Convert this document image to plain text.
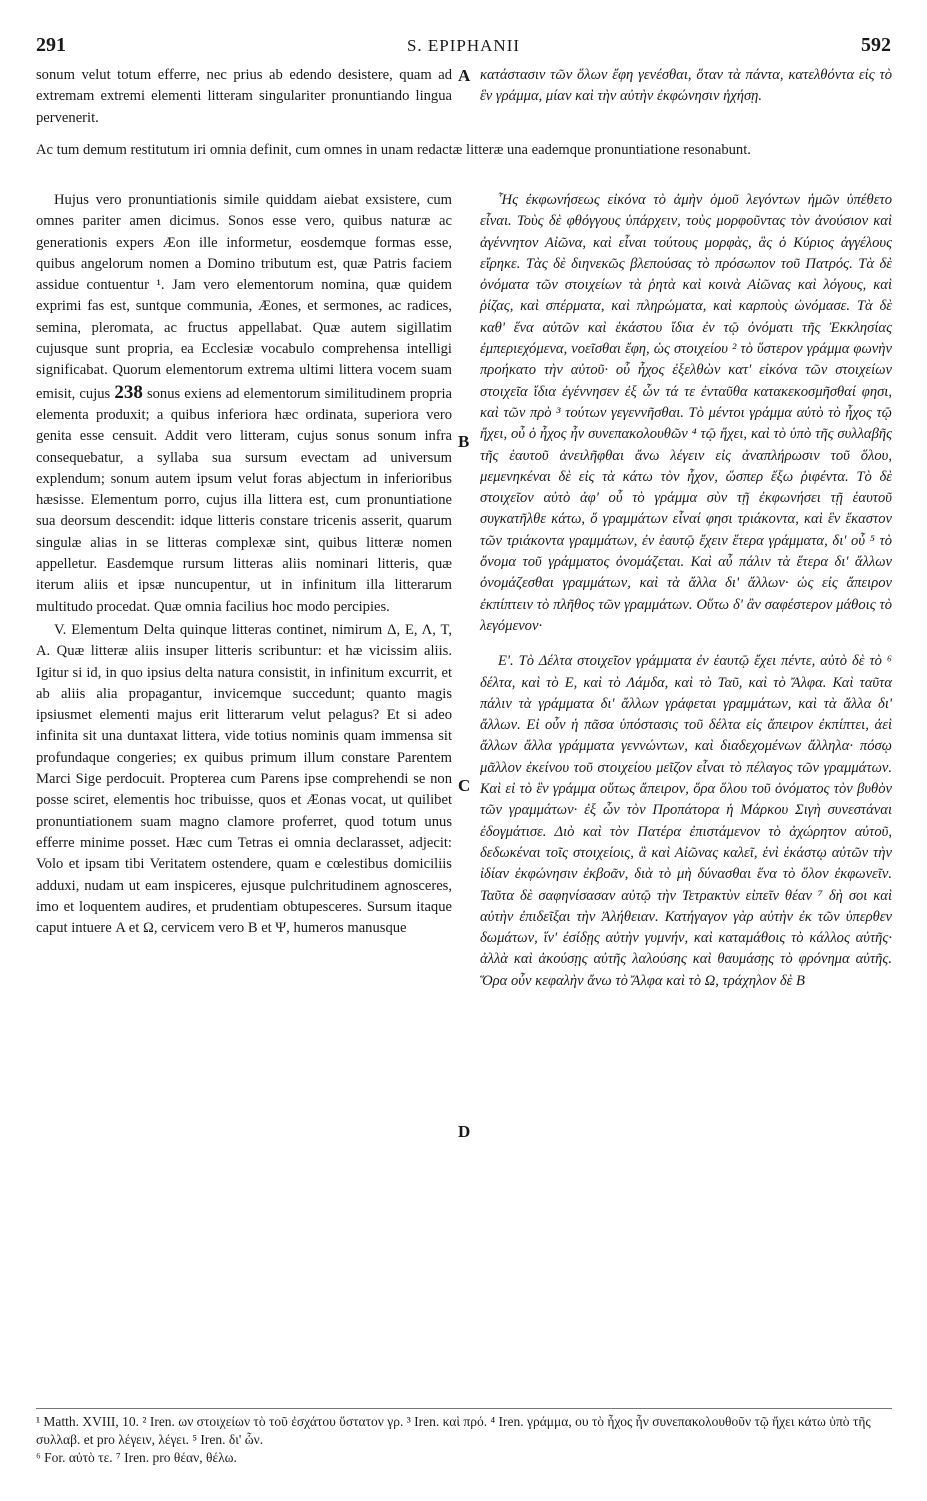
291	S. EPIPHANII	592

sonum velut totum efferre, nec prius ab edendo desistere, quam ad extremam extremi elementi litteram singulariter pronuntiando lingua pervenerit.

κατάστασιν τῶν ὅλων ἔφη γενέσθαι, ὅταν τὰ πάντα, κατελθόντα εἰς τὸ ἓν γράμμα, μίαν καὶ τὴν αὐτὴν ἐκφώνησιν ἠχήσῃ.

Ac tum demum restitutum iri omnia definit, cum omnes in unam redactæ litteræ una eademque pronuntiatione resonabunt.

Hujus vero pronuntiationis simile quiddam aiebat exsistere, cum omnes pariter amen dicimus. Sonos esse vero, quibus naturæ ac generationis expers Æon ille informetur, eosdemque formas esse, quibus angelorum nomen a Domino tributum est, quæ Patris faciem assidue contuentur ¹. Jam vero elementorum nomina, quæ quidem exprimi fas est, suntque communia, Æones, et sermones, ac radices, semina, pleromata, ac fructus appellabat. Quæ autem sigillatim cujusque sunt propria, ea Ecclesiæ vocabulo comprehensa intelligi significabat. Quorum elementorum extrema ultimi littera vocem suam emisit, cujus 238 sonus exiens ad elementorum similitudinem propria elementa produxit; a quibus inferiora hæc ordinata, superiora vero genita esse censuit. Addit vero litteram, cujus sonus sonum infra consequebatur, a syllaba sua sursum evectam ad universum explendum; sonum autem ipsum velut foras abjectum in inferioribus hæsisse. Elementum porro, cujus illa littera est, cum pronuntiatione sua deorsum descendit: idque litteris constare tricenis asserit, quarum singulæ alias in se litteras complexæ sint, quibus litteræ nomen appelletur. Easdemque rursum litteras aliis nominari litteris, quæ iterum aliis et ipsæ nuncupentur, ut in infinitum illa litterarum multitudo procedat. Quæ omnia facilius hoc modo percipies.

V. Elementum Delta quinque litteras continet, nimirum Δ, Ε, Λ, Τ, Α. Quæ litteræ aliis insuper litteris scribuntur: et hæ vicissim aliis. Igitur si id, in quo ipsius delta natura consistit, in infinitum excurrit, et ab aliis alia propagantur, invicemque succedunt; quanto magis ipsiusmet elementi majus erit litterarum velut pelagus? Et si adeo infinita sit una duntaxat littera, vide totius nominis quam immensa sit profundaque congeries; ex quibus primum illum constare Parentem Marci Sige perdocuit. Propterea cum Parens ipse comprehendi se non posse sciret, elementis hoc tribuisse, quos et Æonas vocat, ut quilibet pronuntiationem suam magno clamore proferret, quod totum unus efferre minime posset. Hæc cum Tetras ei omnia declarasset, adjecit: Volo et ipsam tibi Veritatem ostendere, quam e cœlestibus domiciliis adduxi, nudam ut eam inspiceres, ejusque pulchritudinem agnosceres, imo et loquentem audires, et prudentiam obtupesceres. Sursum itaque caput intuere Α et Ω, cervicem vero Β et Ψ, humeros manusque

Ἧς ἐκφωνήσεως εἰκόνα τὸ ἀμὴν ὁμοῦ λεγόντων ἡμῶν ὑπέθετο εἶναι. Τοὺς δὲ φθόγγους ὑπάρχειν, τοὺς μορφοῦντας τὸν ἀνούσιον καὶ ἀγέννητον Αἰῶνα, καὶ εἶναι τούτους μορφὰς, ἃς ὁ Κύριος ἀγγέλους εἴρηκε. Τὰς δὲ διηνεκῶς βλεπούσας τὸ πρόσωπον τοῦ Πατρός. Τὰ δὲ ὀνόματα τῶν στοιχείων τὰ ῥητὰ καὶ κοινὰ Αἰῶνας καὶ λόγους, καὶ ῥίζας, καὶ σπέρματα, καὶ πληρώματα, καὶ καρποὺς ὠνόμασε. Τὰ δὲ καθ' ἕνα αὐτῶν καὶ ἑκάστου ἴδια ἐν τῷ ὀνόματι τῆς Ἐκκλησίας ἐμπεριεχόμενα, νοεῖσθαι ἔφη, ὡς στοιχείου ² τὸ ὕστερον γράμμα φωνὴν προήκατο τὴν αὐτοῦ· οὗ ἦχος ἐξελθὼν κατ' εἰκόνα τῶν στοιχείων στοιχεῖα ἴδια ἐγέννησεν ἐξ ὧν τά τε ἐνταῦθα κατακεκοσμῆσθαί φησι, καὶ τῶν πρὸ ³ τούτων γεγεννῆσθαι. Τὸ μέντοι γράμμα αὐτὸ τὸ ἦχος τῷ ἤχει, οὗ ὁ ἦχος ἦν συνεπακολουθῶν ⁴ τῷ ἤχει, καὶ τὸ ὑπὸ τῆς συλλαβῆς τῆς ἑαυτοῦ ἀνειλῆφθαι ἄνω λέγειν εἰς ἀναπλήρωσιν τοῦ ὅλου, μεμενηκέναι δὲ εἰς τὰ κάτω τὸν ἦχον, ὥσπερ ἔξω ῥιφέντα. Τὸ δὲ στοιχεῖον αὐτὸ ἀφ' οὗ τὸ γράμμα σὺν τῇ ἐκφωνήσει τῇ ἑαυτοῦ συγκατῆλθε κάτω, ὅ γραμμάτων εἶναί φησι τριάκοντα, καὶ ἓν ἕκαστον τῶν τριάκοντα γραμμάτων, ἐν ἑαυτῷ ἔχειν ἕτερα γράμματα, δι' οὗ ⁵ τὸ ὄνομα τοῦ γράμματος ὀνομάζεται. Καὶ αὖ πάλιν τὰ ἕτερα δι' ἄλλων ὀνομάζεσθαι γραμμάτων, καὶ τὰ ἄλλα δι' ἄλλων· ὡς εἰς ἄπειρον ἐκπίπτειν τὸ πλῆθος τῶν γραμμάτων. Οὕτω δ' ἂν σαφέστερον μάθοις τὸ λεγόμενον·

Ε'. Τὸ Δέλτα στοιχεῖον γράμματα ἐν ἑαυτῷ ἔχει πέντε, αὐτὸ δὲ τὸ ⁶ δέλτα, καὶ τὸ Ε, καὶ τὸ Λάμδα, καὶ τὸ Ταῦ, καὶ τὸ Ἄλφα. Καὶ ταῦτα πάλιν τὰ γράμματα δι' ἄλλων γράφεται γραμμάτων, καὶ τὰ ἄλλα δι' ἄλλων. Εἰ οὖν ἡ πᾶσα ὑπόστασις τοῦ δέλτα εἰς ἄπειρον ἐκπίπτει, ἀεὶ ἄλλων ἄλλα γράμματα γεννώντων, καὶ διαδεχομένων ἄλληλα· πόσῳ μᾶλλον ἐκείνου τοῦ στοιχείου μεῖζον εἶναι τὸ πέλαγος τῶν γραμμάτων. Καὶ εἰ τὸ ἓν γράμμα οὕτως ἄπειρον, ὅρα ὅλου τοῦ ὀνόματος τὸν βυθὸν τῶν γραμμάτων· ἐξ ὧν τὸν Προπάτορα ἡ Μάρκου Σιγὴ συνεστάναι ἐδογμάτισε. Διὸ καὶ τὸν Πατέρα ἐπιστάμενον τὸ ἀχώρητον αὐτοῦ, δεδωκέναι τοῖς στοιχείοις, ἃ καὶ Αἰῶνας καλεῖ, ἑνὶ ἑκάστῳ αὐτῶν τὴν ἰδίαν ἐκφώνησιν ἐκβοᾶν, διὰ τὸ μὴ δύνασθαι ἕνα τὸ ὅλον ἐκφωνεῖν. Ταῦτα δὲ σαφηνίσασαν αὐτῷ τὴν Τετρακτὺν εἰπεῖν θέαν ⁷ δὴ σοι καὶ αὐτὴν ἐπιδεῖξαι τὴν Ἀλήθειαν. Κατήγαγον γὰρ αὐτὴν ἐκ τῶν ὑπερθεν δωμάτων, ἵν' ἐσίδῃς αὐτὴν γυμνήν, καὶ καταμάθοις τὸ κάλλος αὐτῆς· ἀλλὰ καὶ ἀκούσῃς αὐτῆς λαλούσης καὶ θαυμάσῃς τὸ φρόνημα αὐτῆς. Ὅρα οὖν κεφαλὴν ἄνω τὸ Ἄλφα καὶ τὸ Ω, τράχηλον δὲ Β

A
B
C
D

¹ Matth. XVIII, 10. ² Iren. ων στοιχείων τὸ τοῦ ἐσχάτου ὕστατον γρ. ³ Iren. καὶ πρό. ⁴ Iren. γράμμα, ου τὸ ἦχος ἦν συνεπακολουθοῦν τῷ ἤχει κάτω ὑπὸ τῆς συλλαβ. et pro λέγειν, λέγει. ⁵ Iren. δι' ὧν.

⁶ For. αὐτὸ τε. ⁷ Iren. pro θέαν, θέλω.
